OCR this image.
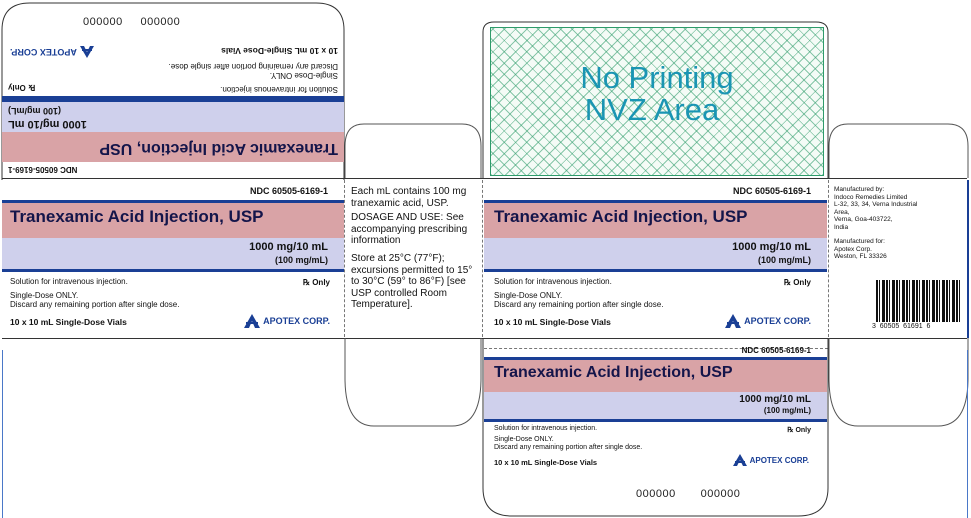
000000 000000
NDC 60505-6169-1
Tranexamic Acid Injection, USP
1000 mg/10 mL
(100 mg/mL)
Solution for intravenous injection.
℞ Only
Single-Dose ONLY.
Discard any remaining portion after single dose.
10 x 10 mL Single-Dose Vials
APOTEX CORP.
NDC 60505-6169-1
Tranexamic Acid Injection, USP
1000 mg/10 mL
(100 mg/mL)
Solution for intravenous injection.	℞ Only
Single-Dose ONLY.
Discard any remaining portion after single dose.
10 x 10 mL Single-Dose Vials	APOTEX CORP.
Each mL contains 100 mg tranexamic acid, USP.
DOSAGE AND USE: See accompanying prescribing information
Store at 25°C (77°F); excursions permitted to 15° to 30°C (59° to 86°F) [see USP controlled Room Temperature].
No Printing
NVZ Area
NDC 60505-6169-1
Tranexamic Acid Injection, USP
1000 mg/10 mL
(100 mg/mL)
Solution for intravenous injection.	℞ Only
Single-Dose ONLY.
Discard any remaining portion after single dose.
10 x 10 mL Single-Dose Vials	APOTEX CORP.
Manufactured by:
Indoco Remedies Limited
L-32, 33, 34, Verna Industrial
Area,
Verna, Goa-403722,
India
Manufactured for:
Apotex Corp.
Weston, FL 33326
3  60505  61691  6
NDC 60505-6169-1
Tranexamic Acid Injection, USP
1000 mg/10 mL
(100 mg/mL)
Solution for intravenous injection.	℞ Only
Single-Dose ONLY.
Discard any remaining portion after single dose.
10 x 10 mL Single-Dose Vials	APOTEX CORP.
000000 000000
